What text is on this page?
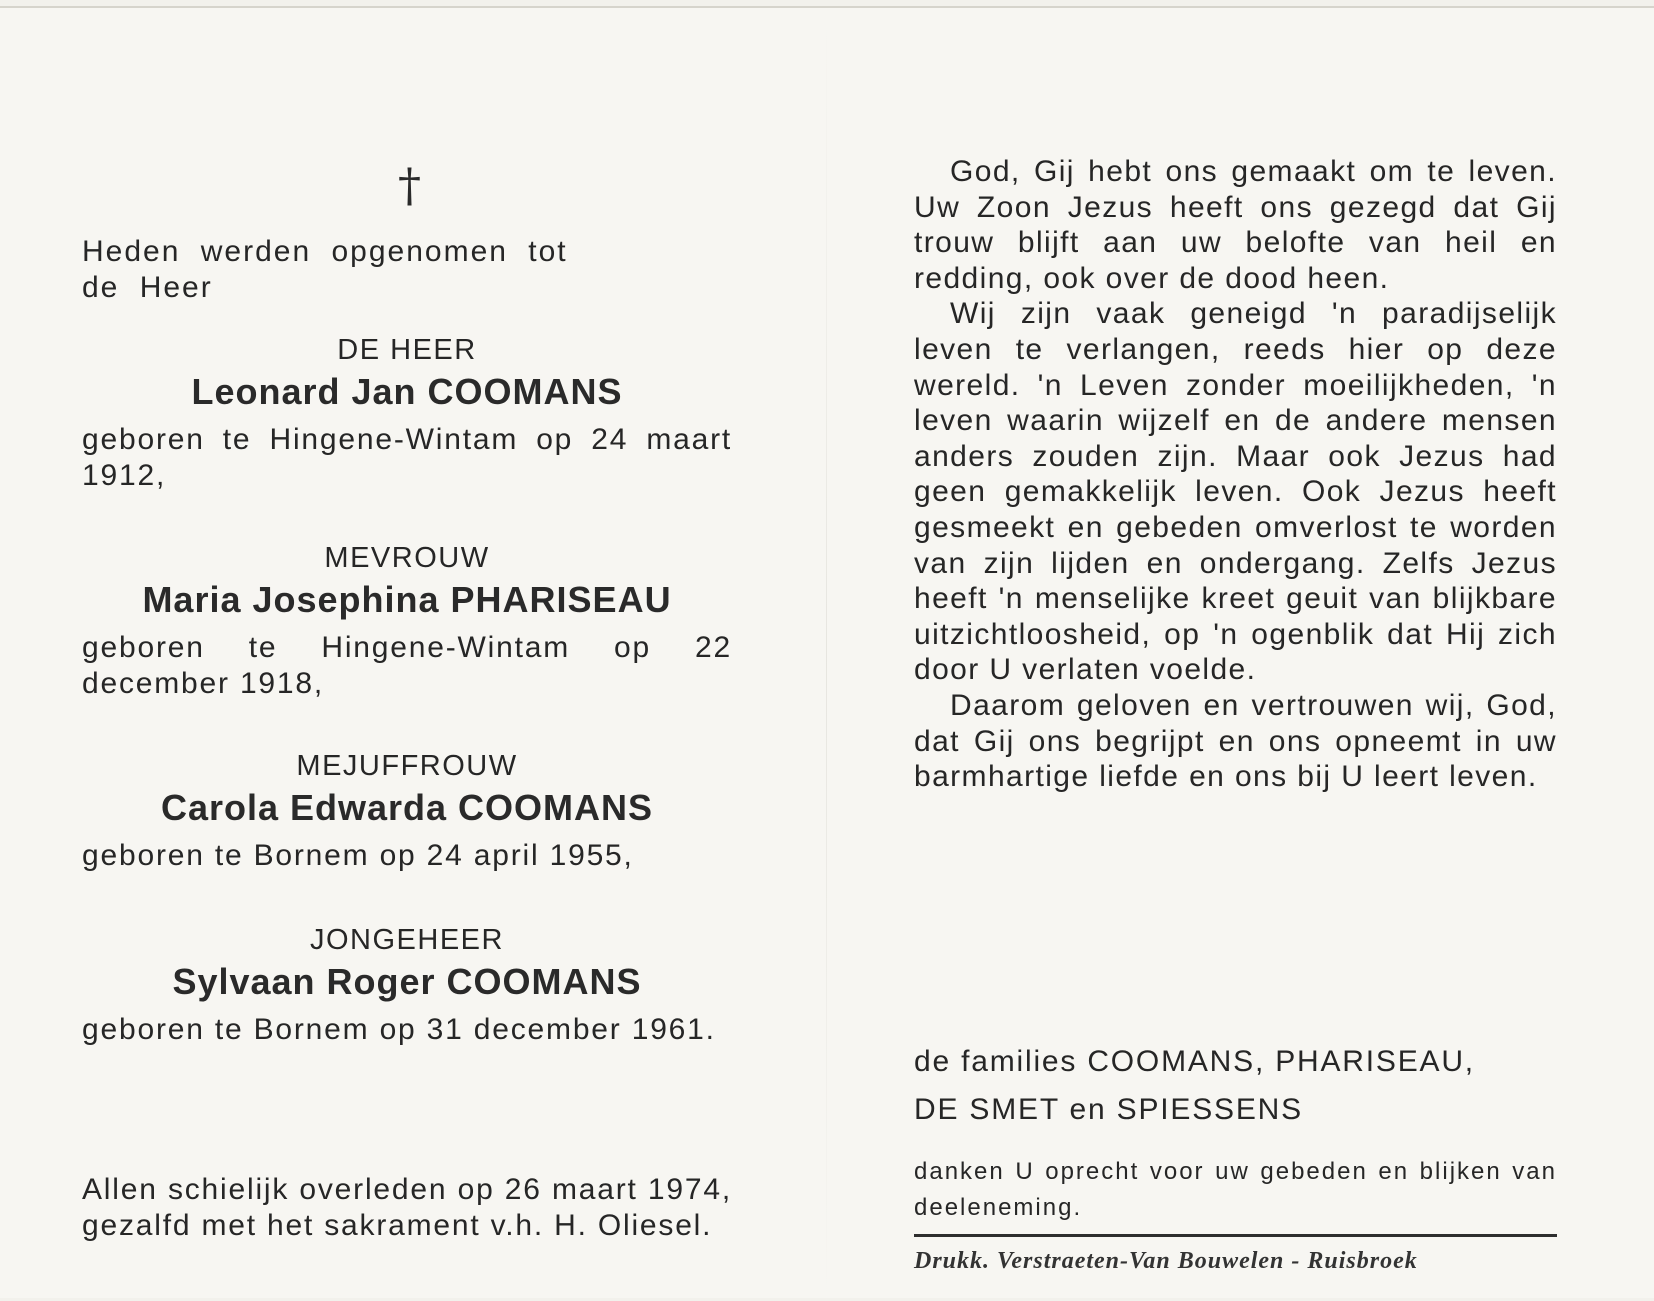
†
Heden werden opgenomen tot de Heer

DE HEER

Leonard Jan COOMANS

geboren te Hingene-Wintam op 24 maart 1912,

MEVROUW

Maria Josephina PHARISEAU

geboren te Hingene-Wintam op 22 december 1918,

MEJUFFROUW

Carola Edwarda COOMANS

geboren te Bornem op 24 april 1955,

JONGEHEER

Sylvaan Roger COOMANS

geboren te Bornem op 31 december 1961.

Allen schielijk overleden op 26 maart 1974, gezalfd met het sakrament v.h. H. Oliesel.

God, Gij hebt ons gemaakt om te leven. Uw Zoon Jezus heeft ons gezegd dat Gij trouw blijft aan uw belofte van heil en redding, ook over de dood heen.

Wij zijn vaak geneigd 'n paradijselijk leven te verlangen, reeds hier op deze wereld. 'n Leven zonder moeilijkheden, 'n leven waarin wijzelf en de andere mensen anders zouden zijn. Maar ook Jezus had geen gemakkelijk leven. Ook Jezus heeft gesmeekt en gebeden omverlost te worden van zijn lijden en ondergang. Zelfs Jezus heeft 'n menselijke kreet geuit van blijkbare uitzichtloosheid, op 'n ogenblik dat Hij zich door U verlaten voelde.

Daarom geloven en vertrouwen wij, God, dat Gij ons begrijpt en ons opneemt in uw barmhartige liefde en ons bij U leert leven.

de families COOMANS, PHARISEAU,
DE SMET en SPIESSENS
danken U oprecht voor uw gebeden en blijken van deeleneming.
Drukk. Verstraeten-Van Bouwelen - Ruisbroek
